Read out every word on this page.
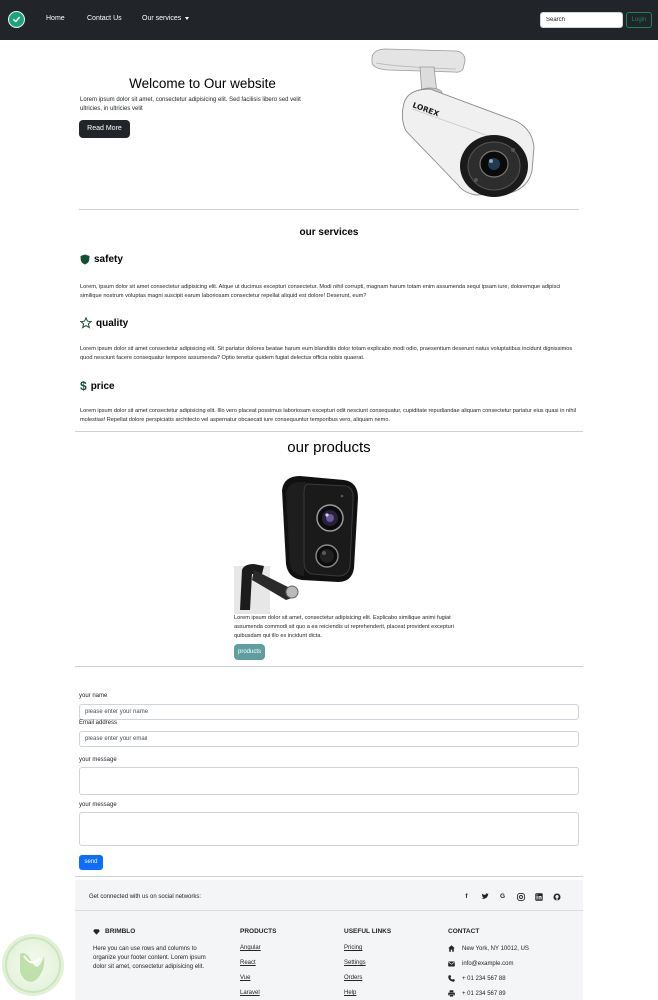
Home	Contact Us	Our services
Search	Login
Welcome to Our website
Lorem ipsum dolor sit amet, consectetur adipisicing elit. Sed facilisis libero sed velit ultricies, in ultricies velit
Read More
LOREX
our services
safety
Lorem, ipsum dolor sit amet consectetur adipisicing elit. Atque ut ducimus excepturi consectetur. Modi nihil corrupti, magnam harum totam enim assumenda sequi ipsam iure, doloremque adipisci similique nostrum voluptas magni suscipit earum laboriosam consectetur repellat aliquid est dolore! Deserunt, eum?
quality
Lorem ipsum dolor sit amet consectetur adipisicing elit. Sit pariatur dolores beatae harum eum blanditiis dolor totam explicabo modi odio, praesentium deserunt natus voluptatibus incidunt dignissimos quod nesciunt facere consequatur tempore assumenda? Optio tenetur quidem fugiat delectus officia nobis quaerat.
$ price
Lorem ipsum dolor sit amet consectetur adipisicing elit. Illo vero placeat possimus laboriosam excepturi odit nesciunt consequatur, cupiditate repudiandae aliquam consectetur pariatur eius quasi in nihil molestias! Repellat dolore perspiciatis architecto vel aspernatur obcaecati iure consequuntur temporibus vero, aliquam nemo.
our products
Lorem ipsum dolor sit amet, consectetur adipisicing elit. Explicabo similique animi fugiat assumenda commodi sit quo a ea reiciendis ut reprehenderit, placeat provident excepturi quibusdam qui illo ex incidunt dicta.
products
your name
please enter your name
Email address
please enter your email
your message
your message
send
Get connected with us on social networks:	f	G
BRIMBLO
Here you can use rows and columns to organize your footer content. Lorem ipsum dolor sit amet, consectetur adipisicing elit.
PRODUCTS
Angular
React
Vue
Laravel
USEFUL LINKS
Pricing
Settings
Orders
Help
CONTACT
New York, NY 10012, US
info@example.com
+ 01 234 567 88
+ 01 234 567 89
